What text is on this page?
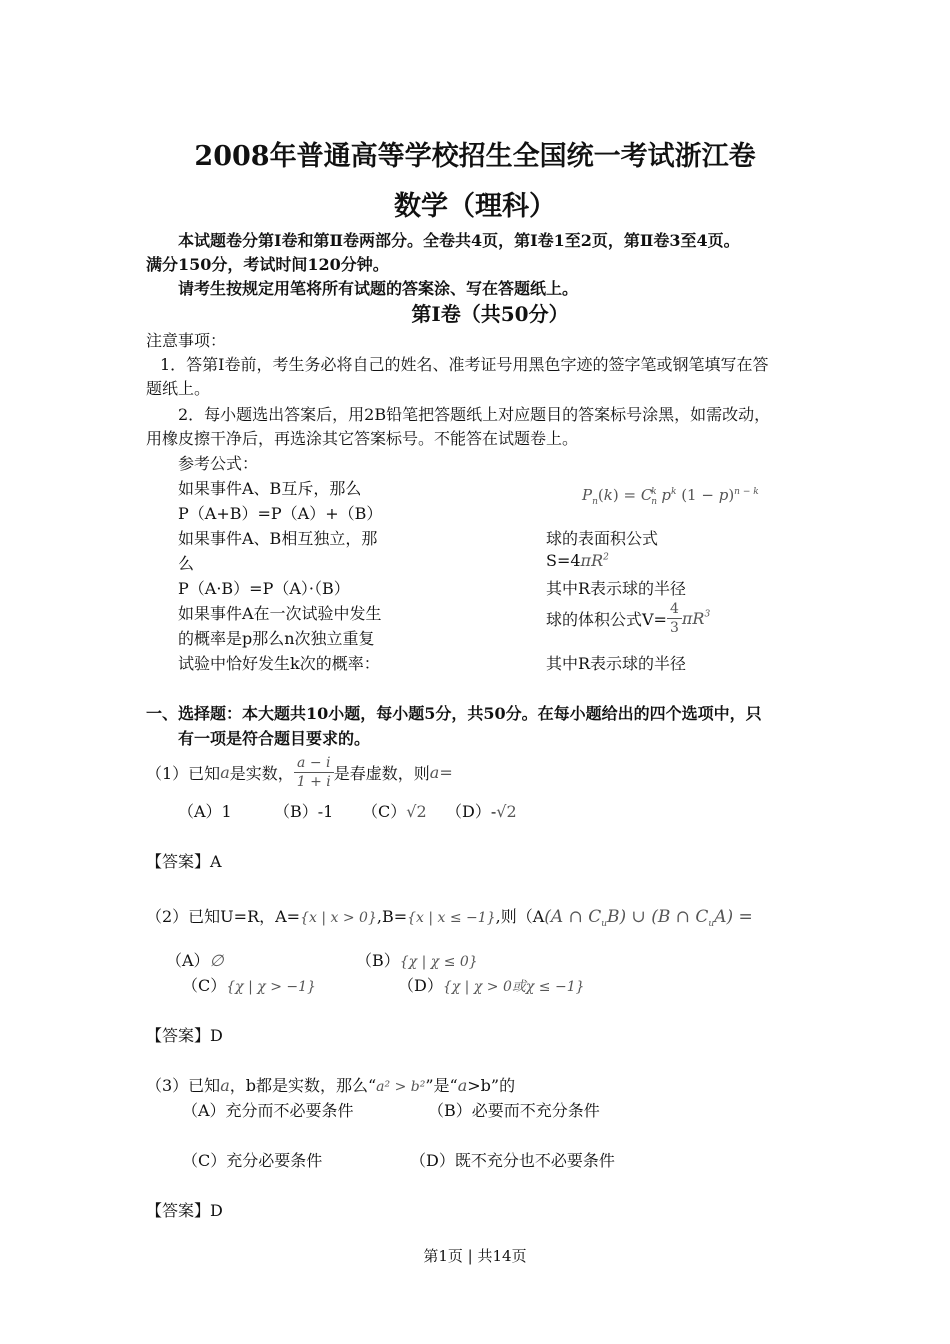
2008年普通高等学校招生全国统一考试浙江卷
数学（理科）
本试题卷分第Ⅰ卷和第Ⅱ卷两部分。全卷共4页，第Ⅰ卷1至2页，第Ⅱ卷3至4页。
满分150分，考试时间120分钟。
请考生按规定用笔将所有试题的答案涂、写在答题纸上。
第Ⅰ卷（共50分）
注意事项：
1．答第Ⅰ卷前，考生务必将自己的姓名、准考证号用黑色字迹的签字笔或钢笔填写在答
题纸上。
2．每小题选出答案后，用2B铅笔把答题纸上对应题目的答案标号涂黑，如需改动，
用橡皮擦干净后，再选涂其它答案标号。不能答在试题卷上。
参考公式：
如果事件A、B互斥，那么
P（A+B）=P（A）+（B）
如果事件A、B相互独立，那
么
P（A·B）=P（A）·（B）
如果事件A在一次试验中发生
的概率是p那么n次独立重复
试验中恰好发生k次的概率：
$P_n(k) = C_n^k$ $p^k$ $(1 - p)^{n - k}$
球的表面积公式
$S=4\pi R^2$
其中R表示球的半径
球的体积公式$V= \frac{4}{3} \pi R^3$
其中R表示球的半径
一、选择题：本大题共10小题，每小题5分，共50分。在每小题给出的四个选项中，只
有一项是符合题目要求的。
（1）已知a是实数， $\frac{a - i}{1 + i}$ 是春虚数，则a=
（A）1	（B）-1 （C）√2 （D）-√2
【答案】A
（2）已知U=R，A={x | x > 0},B={x | x ≤ −1},则（A(A ∩ $C_uB$) ∪ (B ∩ $C_uA$) =
（A）∅	（B）{χ | χ ≤ 0}
（C）{χ | χ > −1}	（D）{χ | χ > 0或χ ≤ −1}
【答案】D
（3）已知a，b都是实数，那么“a² > b²”是“a>b”的
（A）充分而不必要条件	（B）必要而不充分条件
（C）充分必要条件	（D）既不充分也不必要条件
【答案】D
第1页 | 共14页
